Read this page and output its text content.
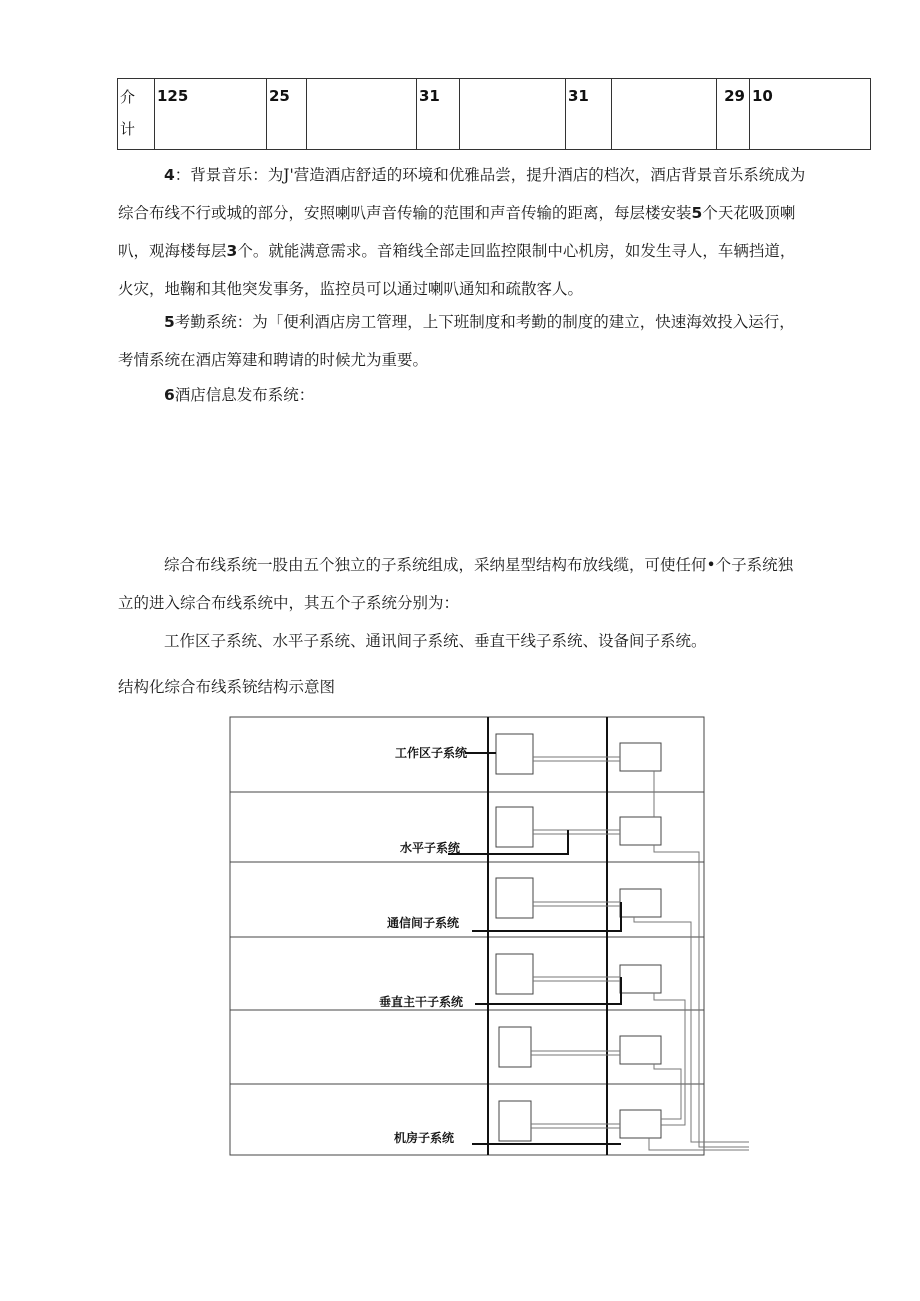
介
计	125	25		31		31		29	10
4：背景音乐：为J'营造酒店舒适的环境和优雅品尝，提升酒店的档次，酒店背景音乐系统成为
综合布线不行或城的部分，安照喇叭声音传输的范围和声音传输的距离，每层楼安装5个天花吸顶喇
叭，观海楼每层3个。就能满意需求。音箱线全部走回监控限制中心机房，如发生寻人，车辆挡道，
火灾，地鞠和其他突发事务，监控员可以通过喇叭通知和疏散客人。
5考勤系统：为「便利酒店房工管理，上下班制度和考勤的制度的建立，快速海效投入运行，
考情系统在酒店筹建和聘请的时候尤为重要。
6酒店信息发布系统：
综合布线系统一股由五个独立的子系统组成，采纳星型结构布放线缆，可使任何•个子系统独
立的进入综合布线系统中，其五个子系统分别为：
工作区子系统、水平子系统、通讯间子系统、垂直干线子系统、设备间子系统。

结构化综合布线系铳结构示意图

工作区子系统
水平子系统
通信间子系统
垂直主干子系统
机房子系统
